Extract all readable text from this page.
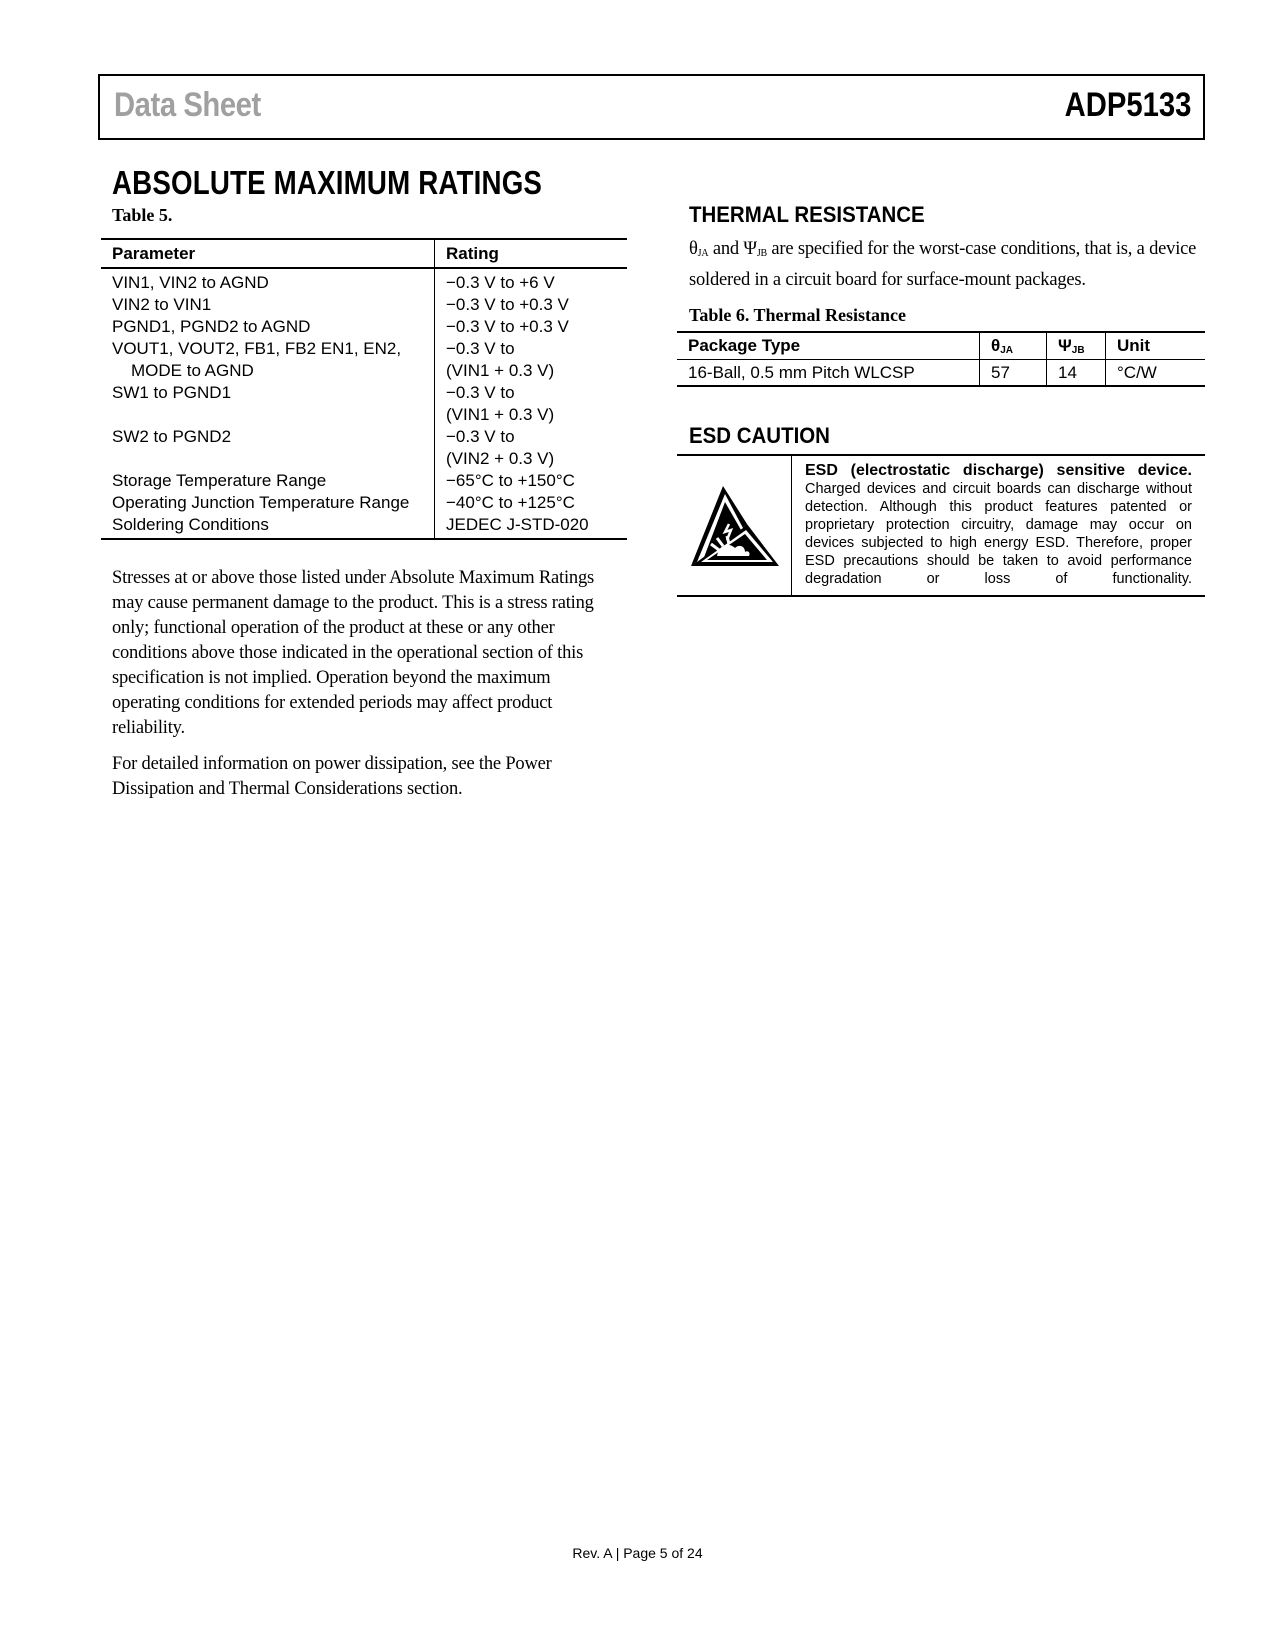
Data Sheet	ADP5133
ABSOLUTE MAXIMUM RATINGS
Table 5.
Parameter	Rating

VIN1, VIN2 to AGND	−0.3 V to +6 V

VIN2 to VIN1	−0.3 V to +0.3 V

PGND1, PGND2 to AGND	−0.3 V to +0.3 V

VOUT1, VOUT2, FB1, FB2 EN1, EN2,
MODE to AGND	−0.3 V to
(VIN1 + 0.3 V)

SW1 to PGND1	−0.3 V to
(VIN1 + 0.3 V)

SW2 to PGND2	−0.3 V to
(VIN2 + 0.3 V)

Storage Temperature Range	−65°C to +150°C

Operating Junction Temperature Range	−40°C to +125°C

Soldering Conditions	JEDEC J-STD-020
Stresses at or above those listed under Absolute Maximum Ratings may cause permanent damage to the product. This is a stress rating only; functional operation of the product at these or any other conditions above those indicated in the operational section of this specification is not implied. Operation beyond the maximum operating conditions for extended periods may affect product reliability.
For detailed information on power dissipation, see the Power Dissipation and Thermal Considerations section.
THERMAL RESISTANCE
$\theta_{JA}$ and $\Psi_{JB}$ are specified for the worst-case conditions, that is, a device soldered in a circuit board for surface-mount packages.
Table 6. Thermal Resistance
Package Type	$\theta_{JA}$	$\Psi_{JB}$	Unit
16-Ball, 0.5 mm Pitch WLCSP	57	14	°C/W
ESD CAUTION
ESD (electrostatic discharge) sensitive device. Charged devices and circuit boards can discharge without detection. Although this product features patented or proprietary protection circuitry, damage may occur on devices subjected to high energy ESD. Therefore, proper ESD precautions should be taken to avoid performance degradation or loss of functionality.
Rev. A | Page 5 of 24
